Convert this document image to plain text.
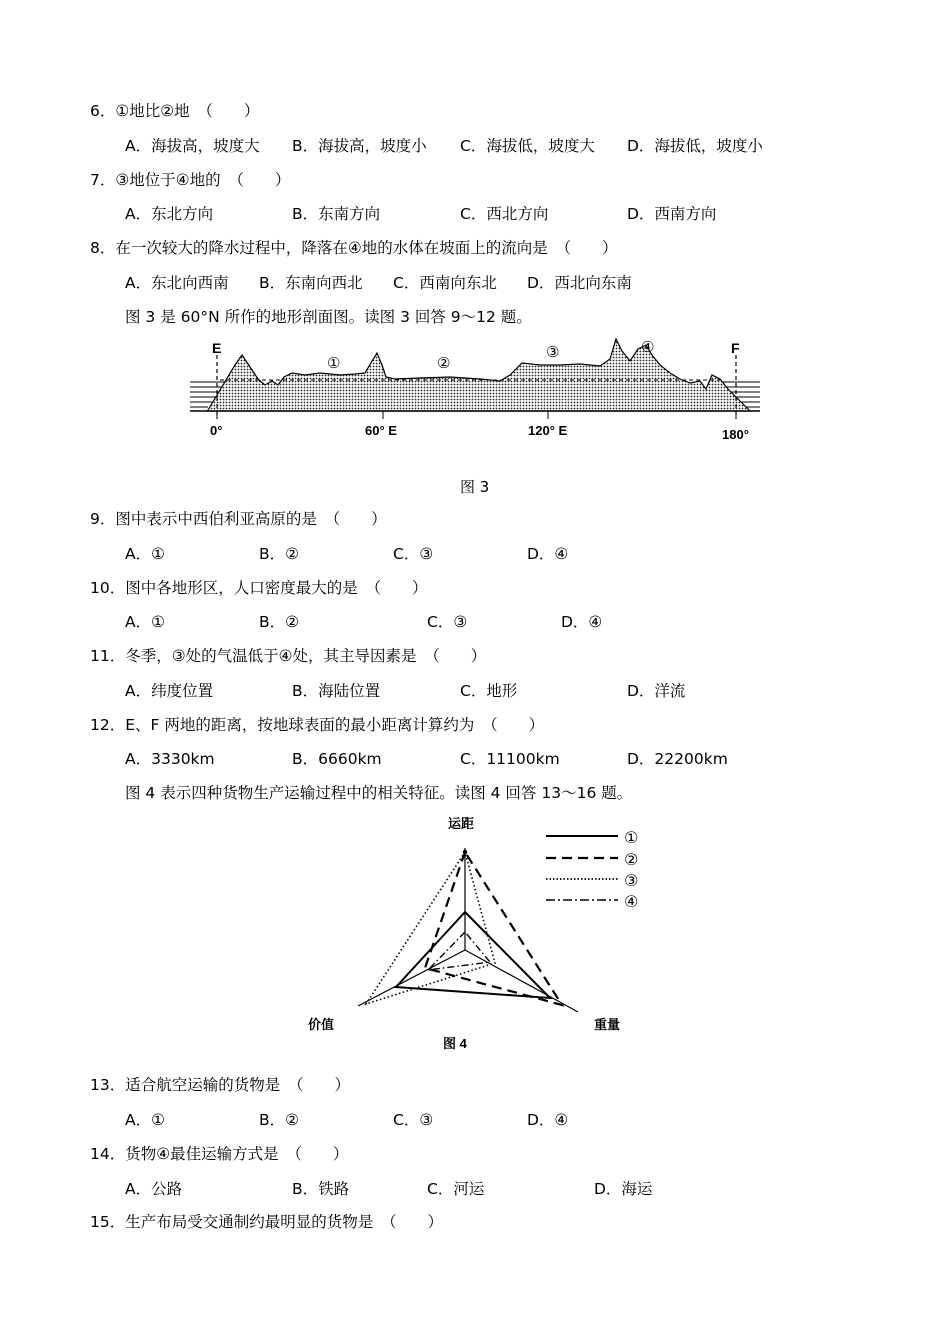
6．①地比②地　（　　）
A．海拔高，坡度大 B．海拔高，坡度小 C．海拔低，坡度大 D．海拔低，坡度小
7．③地位于④地的　（　　）
A．东北方向	B．东南方向	C．西北方向	D．西南方向
8．在一次较大的降水过程中，降落在④地的水体在坡面上的流向是　（　　）
A．东北向西南 B．东南向西北 C．西南向东北 D．西北向东南
图 3 是 60°N 所作的地形剖面图。读图 3 回答 9～12 题。
E	F
①	②
③	④
0°	60° E	120° E	180°
图 3
9．图中表示中西伯利亚高原的是　（　　）
A．①	B．②	C．③	D．④
10．图中各地形区，人口密度最大的是　（　　）
A．①	B．②	C．③	D．④
11．冬季，③处的气温低于④处，其主导因素是　（　　）
A．纬度位置	B．海陆位置	C．地形	D．洋流
12．E、F 两地的距离，按地球表面的最小距离计算约为　（　　）
A．3330km	B．6660km	C．11100km	D．22200km
图 4 表示四种货物生产运输过程中的相关特征。读图 4 回答 13～16 题。
运距
价值	重量
图 4
①
②
③
④
13．适合航空运输的货物是　（　　）
A．①	B．②	C．③	D．④
14．货物④最佳运输方式是　（　　）
A．公路	B．铁路	C．河运	D．海运
15．生产布局受交通制约最明显的货物是　（　　）
